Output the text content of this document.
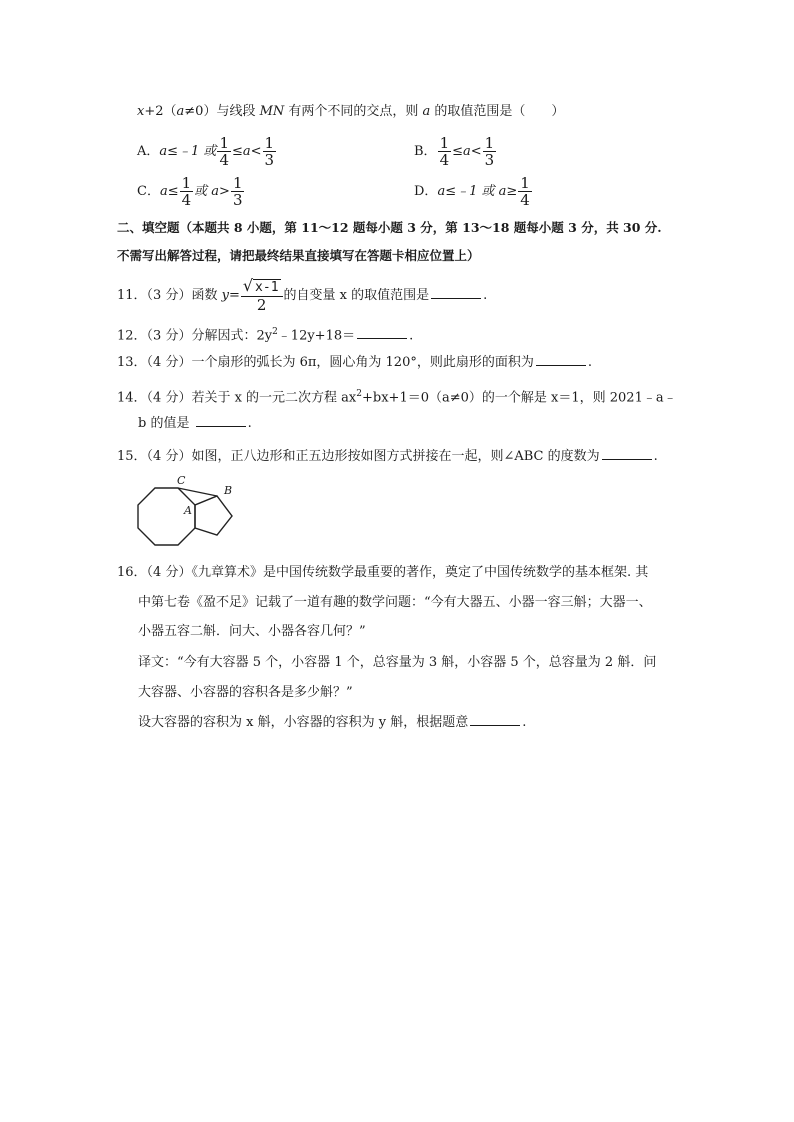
x+2（a≠0）与线段 MN 有两个不同的交点，则 a 的取值范围是（　　）
A．a≤﹣1 或 $\frac{1}{4} \le a< \frac{1}{3}$	B． $\frac{1}{4} \le a< \frac{1}{3}$
C．$a\le \frac{1}{4}$ 或 $a> \frac{1}{3}$	D．a≤﹣1 或 $a\ge \frac{1}{4}$
二、填空题（本题共 8 小题，第 11～12 题每小题 3 分，第 13～18 题每小题 3 分，共 30 分.
不需写出解答过程，请把最终结果直接填写在答题卡相应位置上）
11．（3 分）函数 $y= \frac{√ x-1}{2}$ 的自变量 x 的取值范围是	.
12．（3 分）分解因式：$2y^2﹣12y+18=$	.
13．（4 分）一个扇形的弧长为 6π，圆心角为 120°，则此扇形的面积为	.
14．（4 分）若关于 x 的一元二次方程 $ax^2+bx+1=0(a\ne 0)$的一个解是 x＝1，则 2021﹣a﹣
b 的值是	.
15．（4 分）如图，正八边形和正五边形按如图方式拼接在一起，则∠ABC 的度数为	.
C
B
A
16．（4 分）《九章算术》是中国传统数学最重要的著作，奠定了中国传统数学的基本框架. 其
中第七卷《盈不足》记载了一道有趣的数学问题：“今有大器五、小器一容三斛；大器一、
小器五容二斛．问大、小器各容几何？”
译文：“今有大容器 5 个，小容器 1 个，总容量为 3 斛，小容器 5 个，总容量为 2 斛．问
大容器、小容器的容积各是多少斛？”
设大容器的容积为 x 斛，小容器的容积为 y 斛，根据题意	.
